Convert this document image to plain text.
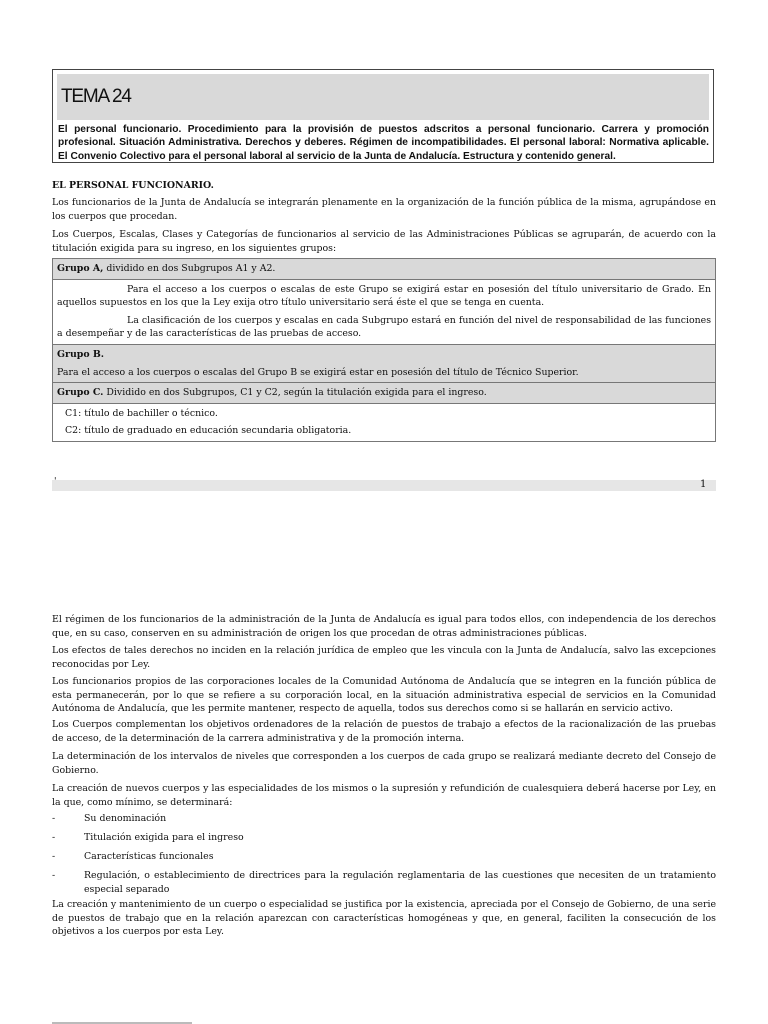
TEMA 24

El personal funcionario. Procedimiento para la provisión de puestos adscritos a personal funcionario. Carrera y promoción profesional. Situación Administrativa. Derechos y deberes. Régimen de incompatibilidades. El personal laboral: Normativa aplicable. El Convenio Colectivo para el personal laboral al servicio de la Junta de Andalucía. Estructura y contenido general.

EL PERSONAL FUNCIONARIO.

Los funcionarios de la Junta de Andalucía se integrarán plenamente en la organización de la función pública de la misma, agrupándose en los cuerpos que procedan.

Los Cuerpos, Escalas, Clases y Categorías de funcionarios al servicio de las Administraciones Públicas se agruparán, de acuerdo con la titulación exigida para su ingreso, en los siguientes grupos:

Grupo A, dividido en dos Subgrupos A1 y A2.

Para el acceso a los cuerpos o escalas de este Grupo se exigirá estar en posesión del título universitario de Grado. En aquellos supuestos en los que la Ley exija otro título universitario será éste el que se tenga en cuenta.

La clasificación de los cuerpos y escalas en cada Subgrupo estará en función del nivel de responsabilidad de las funciones a desempeñar y de las características de las pruebas de acceso.

Grupo B.

Para el acceso a los cuerpos o escalas del Grupo B se exigirá estar en posesión del título de Técnico Superior.

Grupo C. Dividido en dos Subgrupos, C1 y C2, según la titulación exigida para el ingreso.

C1: título de bachiller o técnico.

C2: título de graduado en educación secundaria obligatoria.

'	1

El régimen de los funcionarios de la administración de la Junta de Andalucía es igual para todos ellos, con independencia de los derechos que, en su caso, conserven en su administración de origen los que procedan de otras administraciones públicas.

Los efectos de tales derechos no inciden en la relación jurídica de empleo que les vincula con la Junta de Andalucía, salvo las excepciones reconocidas por Ley.

Los funcionarios propios de las corporaciones locales de la Comunidad Autónoma de Andalucía que se integren en la función pública de esta permanecerán, por lo que se refiere a su corporación local, en la situación administrativa especial de servicios en la Comunidad Autónoma de Andalucía, que les permite mantener, respecto de aquella, todos sus derechos como si se hallarán en servicio activo.

Los Cuerpos complementan los objetivos ordenadores de la relación de puestos de trabajo a efectos de la racionalización de las pruebas de acceso, de la determinación de la carrera administrativa y de la promoción interna.

La determinación de los intervalos de niveles que corresponden a los cuerpos de cada grupo se realizará mediante decreto del Consejo de Gobierno.

La creación de nuevos cuerpos y las especialidades de los mismos o la supresión y refundición de cualesquiera deberá hacerse por Ley, en la que, como mínimo, se determinará:

-	Su denominación
-	Titulación exigida para el ingreso
-	Características funcionales
-	Regulación, o establecimiento de directrices para la regulación reglamentaria de las cuestiones que necesiten de un tratamiento especial separado

La creación y mantenimiento de un cuerpo o especialidad se justifica por la existencia, apreciada por el Consejo de Gobierno, de una serie de puestos de trabajo que en la relación aparezcan con características homogéneas y que, en general, faciliten la consecución de los objetivos a los cuerpos por esta Ley.
